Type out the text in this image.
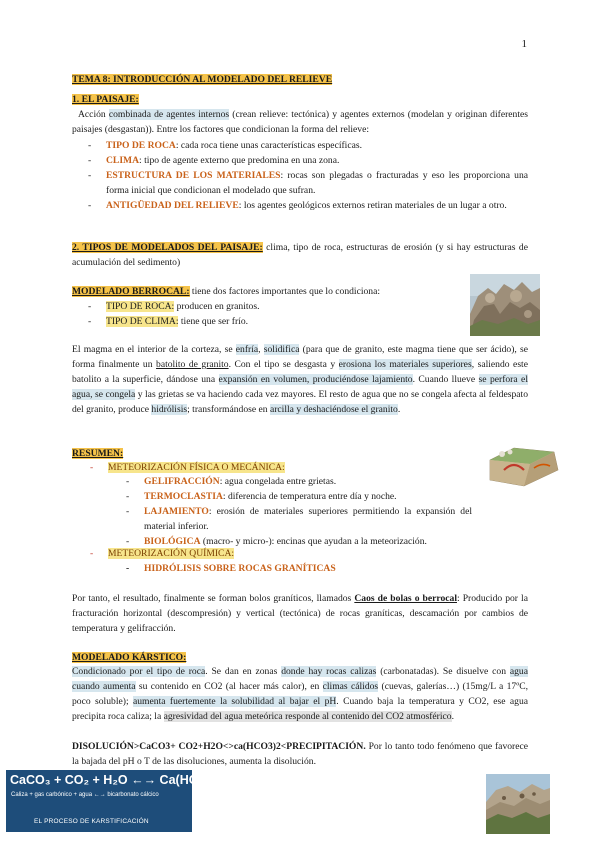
1
TEMA 8: INTRODUCCIÓN AL MODELADO DEL RELIEVE
1. EL PAISAJE:
Acción combinada de agentes internos (crean relieve: tectónica) y agentes externos (modelan y originan diferentes paisajes (desgastan)). Entre los factores que condicionan la forma del relieve:
- TIPO DE ROCA: cada roca tiene unas características específicas.
- CLIMA: tipo de agente externo que predomina en una zona.
- ESTRUCTURA DE LOS MATERIALES: rocas son plegadas o fracturadas y eso les proporciona una forma inicial que condicionan el modelado que sufran.
- ANTIGÜEDAD DEL RELIEVE: los agentes geológicos externos retiran materiales de un lugar a otro.
2. TIPOS DE MODELADOS DEL PAISAJE: clima, tipo de roca, estructuras de erosión (y si hay estructuras de acumulación del sedimento)
MODELADO BERROCAL: tiene dos factores importantes que lo condiciona:
- TIPO DE ROCA: producen en granitos.
- TIPO DE CLIMA: tiene que ser frío.
El magma en el interior de la corteza, se enfría, solidifica (para que de granito, este magma tiene que ser ácido), se forma finalmente un batolito de granito. Con el tipo se desgasta y erosiona los materiales superiores, saliendo este batolito a la superficie, dándose una expansión en volumen, produciéndose lajamiento. Cuando llueve se perfora el agua, se congela y las grietas se va haciendo cada vez mayores. El resto de agua que no se congela afecta al feldespato del granito, produce hidrólisis; transformándose en arcilla y deshaciéndose el granito.
RESUMEN:
- METEORIZACIÓN FÍSICA O MECÁNICA:
- GELIFRACCIÓN: agua congelada entre grietas.
- TERMOCLASTIA: diferencia de temperatura entre día y noche.
- LAJAMIENTO: erosión de materiales superiores permitiendo la expansión del material inferior.
- BIOLÓGICA (macro- y micro-): encinas que ayudan a la meteorización.
- METEORIZACIÓN QUÍMICA:
- HIDRÓLISIS SOBRE ROCAS GRANÍTICAS
Por tanto, el resultado, finalmente se forman bolos graníticos, llamados Caos de bolas o berrocal: Producido por la fracturación horizontal (descompresión) y vertical (tectónica) de rocas graníticas, descamación por cambios de temperatura y gelifracción.
MODELADO KÁRSTICO:
Condicionado por el tipo de roca. Se dan en zonas donde hay rocas calizas (carbonatadas). Se disuelve con agua cuando aumenta su contenido en CO2 (al hacer más calor), en climas cálidos (cuevas, galerías…) (15mg/L a 17ºC, poco soluble); aumenta fuertemente la solubilidad al bajar el pH. Cuando baja la temperatura y CO2, ese agua precipita roca caliza; la agresividad del agua meteórica responde al contenido del CO2 atmosférico.
DISOLUCIÓN>CaCO3+ CO2+H2O<>ca(HCO3)2<PRECIPITACIÓN. Por lo tanto todo fenómeno que favorece la bajada del pH o T de las disoluciones, aumenta la disolución.
CaCO₃ + CO₂ + H₂O ←→ Ca(HCO₃)₂
Caliza + gas carbónico + agua ←→ bicarbonato cálcico
EL PROCESO DE KARSTIFICACIÓN
